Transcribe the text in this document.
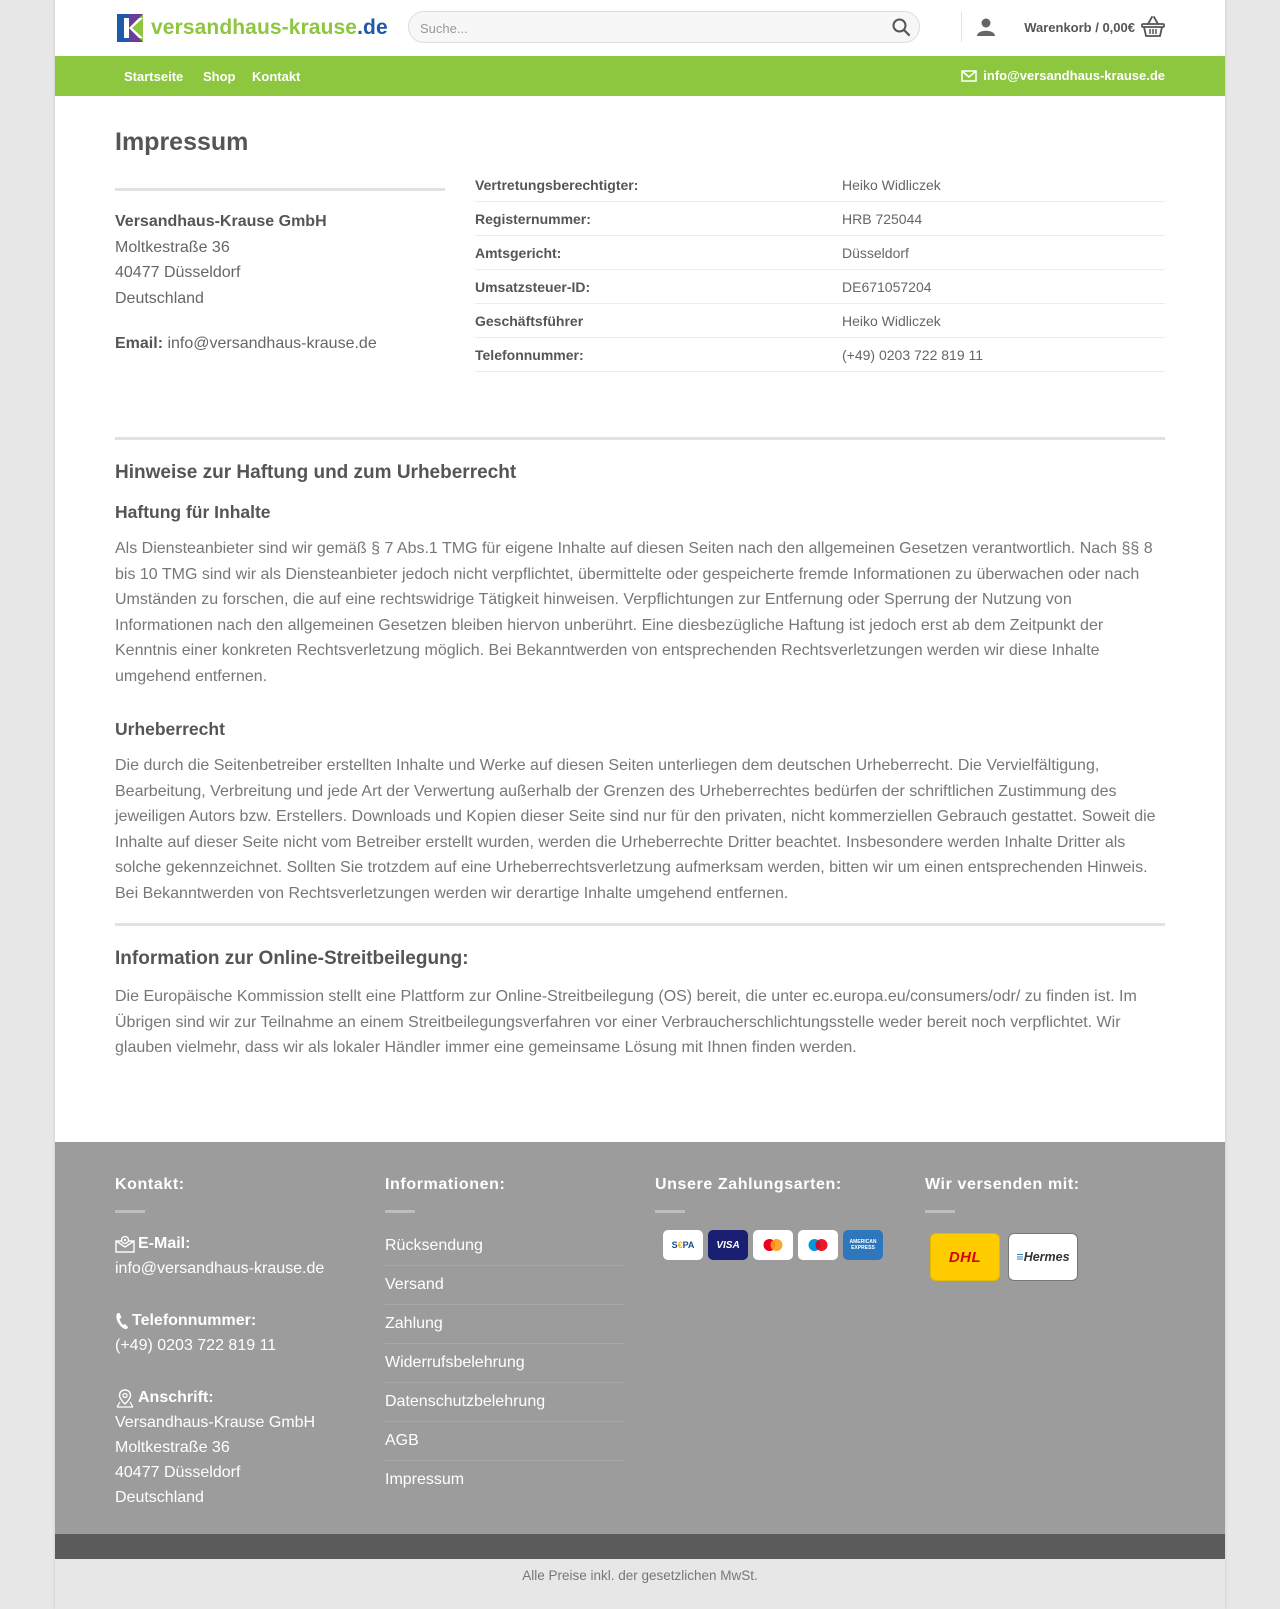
versandhaus-krause.de
Suche...	Warenkorb / 0,00€
Startseite Shop Kontakt	info@versandhaus-krause.de
Impressum
Versandhaus-Krause GmbH
Moltkestraße 36
40477 Düsseldorf
Deutschland
Email: info@versandhaus-krause.de
Vertretungsberechtigter:	Heiko Widliczek
Registernummer:	HRB 725044
Amtsgericht:	Düsseldorf
Umsatzsteuer-ID:	DE671057204
Geschäftsführer	Heiko Widliczek
Telefonnummer:	(+49) 0203 722 819 11
Hinweise zur Haftung und zum Urheberrecht
Haftung für Inhalte

Als Diensteanbieter sind wir gemäß § 7 Abs.1 TMG für eigene Inhalte auf diesen Seiten nach den allgemeinen Gesetzen verantwortlich. Nach §§ 8 bis 10 TMG sind wir als Diensteanbieter jedoch nicht verpflichtet, übermittelte oder gespeicherte fremde Informationen zu überwachen oder nach Umständen zu forschen, die auf eine rechtswidrige Tätigkeit hinweisen. Verpflichtungen zur Entfernung oder Sperrung der Nutzung von Informationen nach den allgemeinen Gesetzen bleiben hiervon unberührt. Eine diesbezügliche Haftung ist jedoch erst ab dem Zeitpunkt der Kenntnis einer konkreten Rechtsverletzung möglich. Bei Bekanntwerden von entsprechenden Rechtsverletzungen werden wir diese Inhalte umgehend entfernen.

Urheberrecht

Die durch die Seitenbetreiber erstellten Inhalte und Werke auf diesen Seiten unterliegen dem deutschen Urheberrecht. Die Vervielfältigung, Bearbeitung, Verbreitung und jede Art der Verwertung außerhalb der Grenzen des Urheberrechtes bedürfen der schriftlichen Zustimmung des jeweiligen Autors bzw. Erstellers. Downloads und Kopien dieser Seite sind nur für den privaten, nicht kommerziellen Gebrauch gestattet. Soweit die Inhalte auf dieser Seite nicht vom Betreiber erstellt wurden, werden die Urheberrechte Dritter beachtet. Insbesondere werden Inhalte Dritter als solche gekennzeichnet. Sollten Sie trotzdem auf eine Urheberrechtsverletzung aufmerksam werden, bitten wir um einen entsprechenden Hinweis. Bei Bekanntwerden von Rechtsverletzungen werden wir derartige Inhalte umgehend entfernen.

Information zur Online-Streitbeilegung:

Die Europäische Kommission stellt eine Plattform zur Online-Streitbeilegung (OS) bereit, die unter ec.europa.eu/consumers/odr/ zu finden ist. Im Übrigen sind wir zur Teilnahme an einem Streitbeilegungsverfahren vor einer Verbraucherschlichtungsstelle weder bereit noch verpflichtet. Wir glauben vielmehr, dass wir als lokaler Händler immer eine gemeinsame Lösung mit Ihnen finden werden.

Kontakt:
E-Mail:
info@versandhaus-krause.de
Telefonnummer:
(+49) 0203 722 819 11
Anschrift:
Versandhaus-Krause GmbH
Moltkestraße 36
40477 Düsseldorf
Deutschland
Informationen:
Rücksendung
Versand
Zahlung
Widerrufsbelehrung
Datenschutzbelehrung
AGB
Impressum
Unsere Zahlungsarten:
S € PA	VISA	AMERICAN
EXPRESS
Wir versenden mit:
DHL	≡Hermes
Alle Preise inkl. der gesetzlichen MwSt.
